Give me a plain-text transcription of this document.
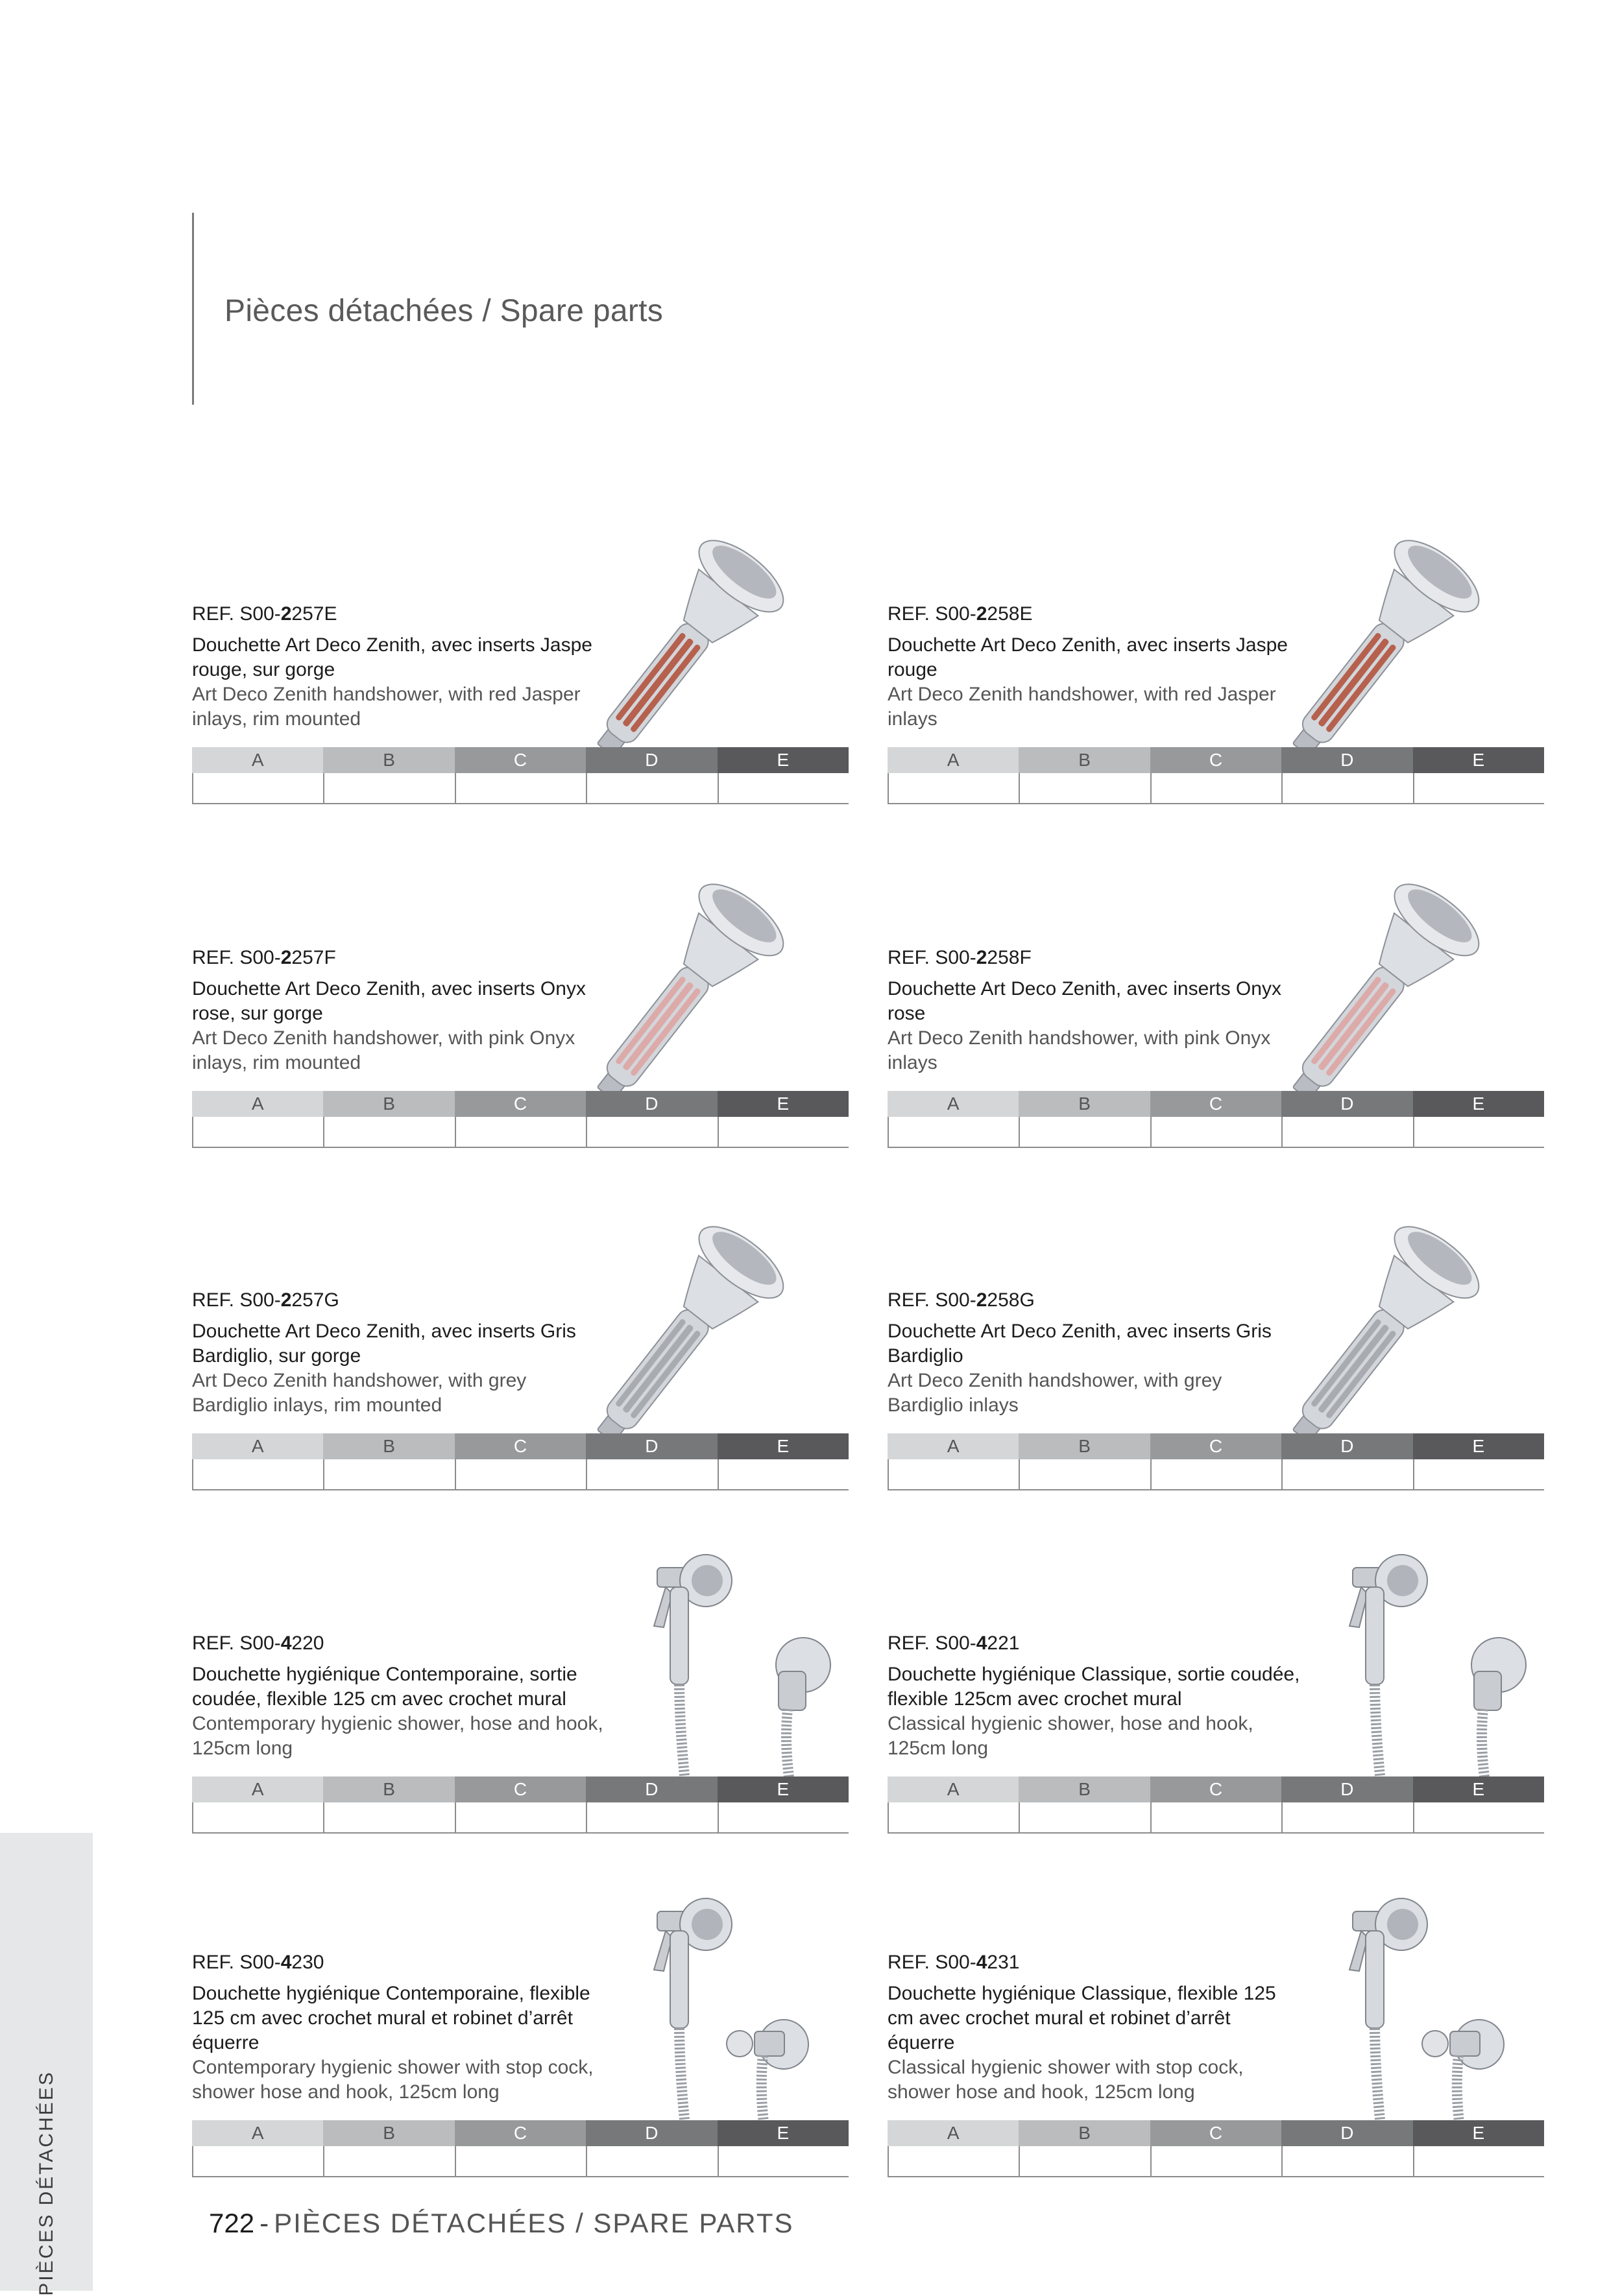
Pièces détachées / Spare parts
REF. S00-2257E
Douchette Art Deco Zenith, avec inserts Jaspe rouge, sur gorge
Art Deco Zenith handshower, with red Jasper inlays, rim mounted
A	B	C	D	E
REF. S00-2258E
Douchette Art Deco Zenith, avec inserts Jaspe rouge
Art Deco Zenith handshower, with red Jasper inlays
A	B	C	D	E
REF. S00-2257F
Douchette Art Deco Zenith, avec inserts Onyx rose, sur gorge
Art Deco Zenith handshower, with pink Onyx inlays, rim mounted
A	B	C	D	E
REF. S00-2258F
Douchette Art Deco Zenith, avec inserts Onyx rose
Art Deco Zenith handshower, with pink Onyx inlays
A	B	C	D	E
REF. S00-2257G
Douchette Art Deco Zenith, avec inserts Gris Bardiglio, sur gorge
Art Deco Zenith handshower, with grey Bardiglio inlays, rim mounted
A	B	C	D	E
REF. S00-2258G
Douchette Art Deco Zenith, avec inserts Gris Bardiglio
Art Deco Zenith handshower, with grey Bardiglio inlays
A	B	C	D	E
REF. S00-4220
Douchette hygiénique Contemporaine, sortie coudée, flexible 125 cm avec crochet mural
Contemporary hygienic shower, hose and hook, 125cm long
A	B	C	D	E
REF. S00-4221
Douchette hygiénique Classique, sortie coudée, flexible 125cm avec crochet mural
Classical hygienic shower, hose and hook, 125cm long
A	B	C	D	E
REF. S00-4230
Douchette hygiénique Contemporaine, flexible 125 cm avec crochet mural et robinet d’arrêt équerre
Contemporary hygienic shower with stop cock, shower hose and hook, 125cm long
A	B	C	D	E
REF. S00-4231
Douchette hygiénique Classique, flexible 125 cm avec crochet mural et robinet d’arrêt équerre
Classical hygienic shower with stop cock, shower hose and hook, 125cm long
A	B	C	D	E
PIÈCES DÉTACHÉES	722 - PIÈCES DÉTACHÉES / SPARE PARTS
